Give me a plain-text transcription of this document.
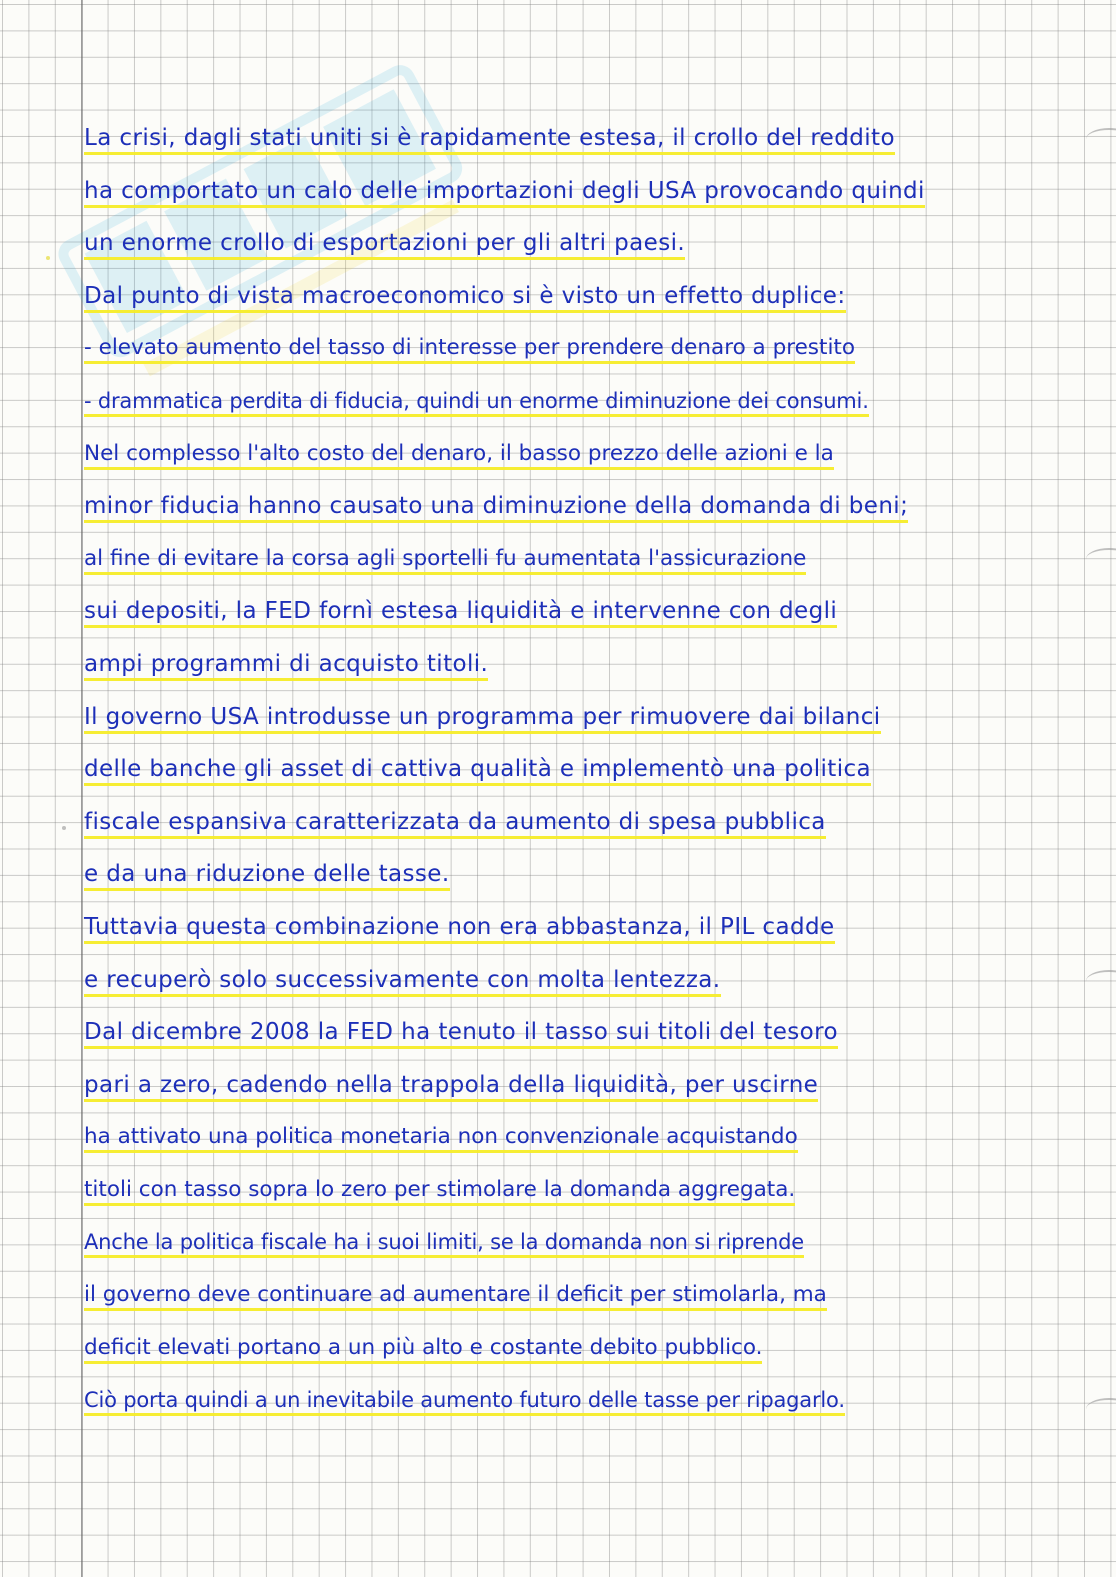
La crisi, dagli stati uniti si è rapidamente estesa, il crollo del reddito
ha comportato un calo delle importazioni degli USA provocando quindi
un enorme crollo di esportazioni per gli altri paesi.
Dal punto di vista macroeconomico si è visto un effetto duplice:
- elevato aumento del tasso di interesse per prendere denaro a prestito
- drammatica perdita di fiducia, quindi un enorme diminuzione dei consumi.
Nel complesso l'alto costo del denaro, il basso prezzo delle azioni e la
minor fiducia hanno causato una diminuzione della domanda di beni;
al fine di evitare la corsa agli sportelli fu aumentata l'assicurazione
sui depositi, la FED fornì estesa liquidità e intervenne con degli
ampi programmi di acquisto titoli.
Il governo USA introdusse un programma per rimuovere dai bilanci
delle banche gli asset di cattiva qualità e implementò una politica
fiscale espansiva caratterizzata da aumento di spesa pubblica
e da una riduzione delle tasse.
Tuttavia questa combinazione non era abbastanza, il PIL cadde
e recuperò solo successivamente con molta lentezza.
Dal dicembre 2008 la FED ha tenuto il tasso sui titoli del tesoro
pari a zero, cadendo nella trappola della liquidità, per uscirne
ha attivato una politica monetaria non convenzionale acquistando
titoli con tasso sopra lo zero per stimolare la domanda aggregata.
Anche la politica fiscale ha i suoi limiti, se la domanda non si riprende
il governo deve continuare ad aumentare il deficit per stimolarla, ma
deficit elevati portano a un più alto e costante debito pubblico.
Ciò porta quindi a un inevitabile aumento futuro delle tasse per ripagarlo.
